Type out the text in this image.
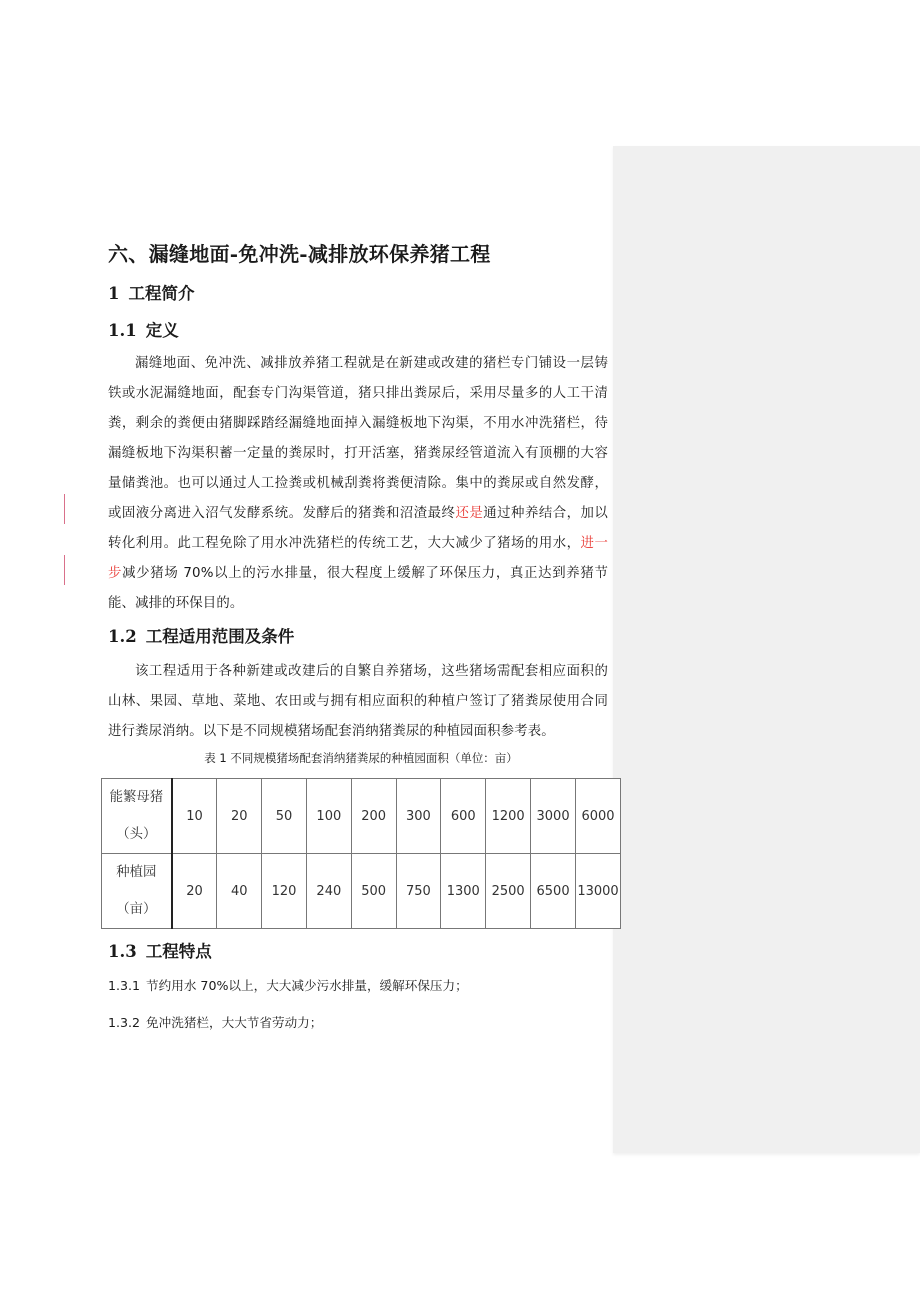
六、漏缝地面-免冲洗-减排放环保养猪工程
1 工程简介
1.1 定义
漏缝地面、免冲洗、减排放养猪工程就是在新建或改建的猪栏专门铺设一层铸铁或水泥漏缝地面，配套专门沟渠管道，猪只排出粪尿后，采用尽量多的人工干清粪，剩余的粪便由猪脚踩踏经漏缝地面掉入漏缝板地下沟渠，不用水冲洗猪栏，待漏缝板地下沟渠积蓄一定量的粪尿时，打开活塞，猪粪尿经管道流入有顶棚的大容量储粪池。也可以通过人工捡粪或机械刮粪将粪便清除。集中的粪尿或自然发酵，或固液分离进入沼气发酵系统。发酵后的猪粪和沼渣最终还是通过种养结合，加以转化利用。此工程免除了用水冲洗猪栏的传统工艺，大大减少了猪场的用水，进一步减少猪场 70%以上的污水排量，很大程度上缓解了环保压力，真正达到养猪节能、减排的环保目的。
1.2 工程适用范围及条件
该工程适用于各种新建或改建后的自繁自养猪场，这些猪场需配套相应面积的山林、果园、草地、菜地、农田或与拥有相应面积的种植户签订了猪粪尿使用合同进行粪尿消纳。以下是不同规模猪场配套消纳猪粪尿的种植园面积参考表。
表 1 不同规模猪场配套消纳猪粪尿的种植园面积（单位：亩）
能繁母猪
（头）	10	20	50	100	200	300	600	1200	3000	6000

种植园
（亩）	20	40	120	240	500	750	1300	2500	6500	13000
1.3 工程特点
1.3.1 节约用水 70%以上，大大减少污水排量，缓解环保压力；
1.3.2 免冲洗猪栏，大大节省劳动力；
